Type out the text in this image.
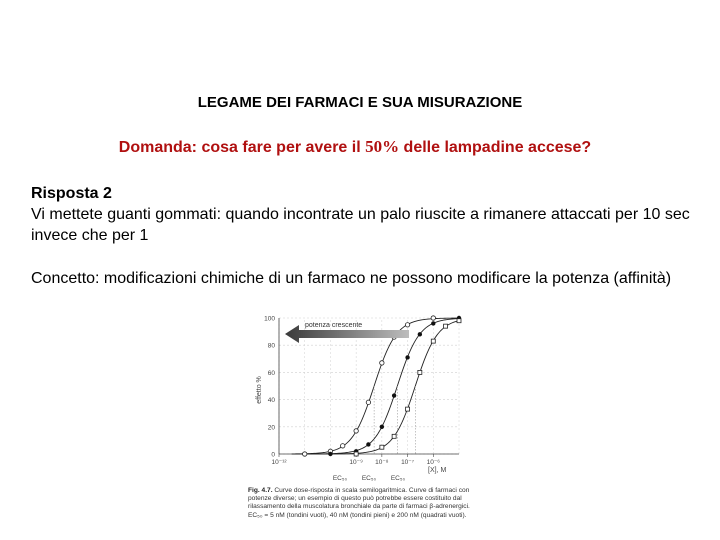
LEGAME DEI FARMACI E SUA MISURAZIONE
Domanda: cosa fare per avere il 50% delle lampadine accese?
Risposta 2
Vi mettete guanti gommati: quando incontrate un palo riuscite a rimanere attaccati per 10 sec invece che per 1
Concetto: modificazioni chimiche di un farmaco ne possono modificare la potenza (affinità)
0
20
40
60
80
100
10⁻¹²	10⁻⁹ 10⁻⁸ 10⁻⁷ 10⁻⁶
potenza crescente
effetto %
[X], M
EC₅₀ EC₅₀ EC₅₀
Fig. 4.7. Curve dose-risposta in scala semilogaritmica. Curve di farmaci con potenze diverse; un esempio di questo può potrebbe essere costituito dal rilassamento della muscolatura bronchiale da parte di farmaci β-adrenergici. EC₅₀ = 5 nM (tondini vuoti), 40 nM (tondini pieni) e 200 nM (quadrati vuoti).
